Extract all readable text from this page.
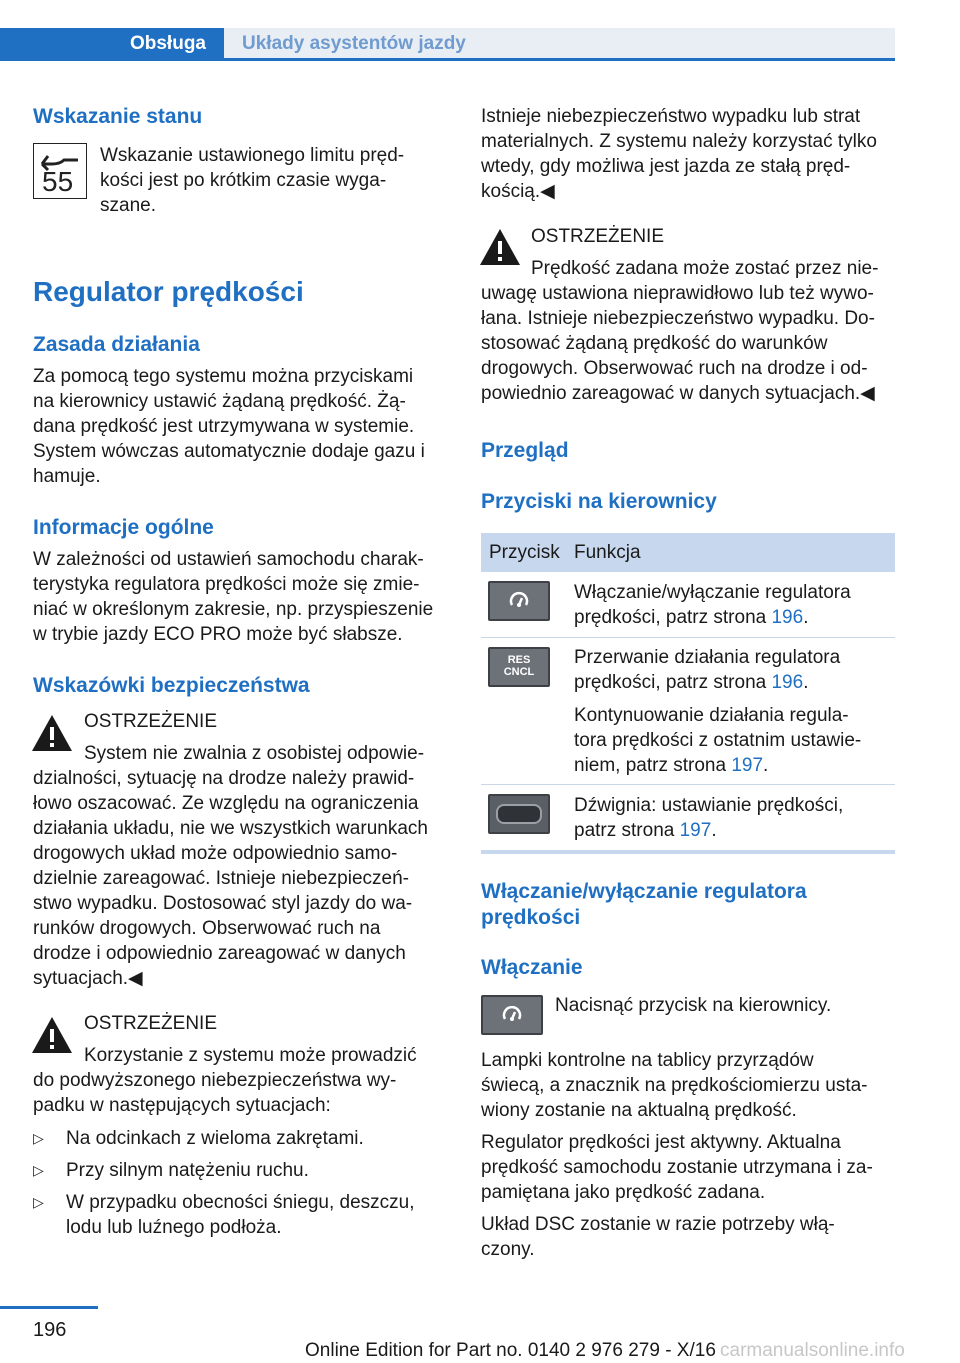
Obsługa	Układy asystentów jazdy
Wskazanie stanu
55

Wskazanie ustawionego limitu pręd-

kości jest po krótkim czasie wyga-

szane.

Regulator prędkości
Zasada działania

Za pomocą tego systemu można przyciskami

na kierownicy ustawić żądaną prędkość. Żą-

dana prędkość jest utrzymywana w systemie.

System wówczas automatycznie dodaje gazu i

hamuje.

Informacje ogólne

W zależności od ustawień samochodu charak-

terystyka regulatora prędkości może się zmie-

niać w określonym zakresie, np. przyspieszenie

w trybie jazdy ECO PRO może być słabsze.

Wskazówki bezpieczeństwa

OSTRZEŻENIE

System nie zwalnia z osobistej odpowie-

dzialności, sytuację na drodze należy prawid-

łowo oszacować. Ze względu na ograniczenia

działania układu, nie we wszystkich warunkach

drogowych układ może odpowiednio samo-

dzielnie zareagować. Istnieje niebezpieczeń-

stwo wypadku. Dostosować styl jazdy do wa-

runków drogowych. Obserwować ruch na

drodze i odpowiednio zareagować w danych

sytuacjach.◀

OSTRZEŻENIE

Korzystanie z systemu może prowadzić

do podwyższonego niebezpieczeństwa wy-

padku w następujących sytuacjach:

▷ Na odcinkach z wieloma zakrętami.

▷ Przy silnym natężeniu ruchu.

▷ W przypadku obecności śniegu, deszczu,

lodu lub luźnego podłoża.

Istnieje niebezpieczeństwo wypadku lub strat

materialnych. Z systemu należy korzystać tylko

wtedy, gdy możliwa jest jazda ze stałą pręd-

kością.◀

OSTRZEŻENIE

Prędkość zadana może zostać przez nie-

uwagę ustawiona nieprawidłowo lub też wywo-

łana. Istnieje niebezpieczeństwo wypadku. Do-

stosować żądaną prędkość do warunków

drogowych. Obserwować ruch na drodze i od-

powiednio zareagować w danych sytuacjach.◀

Przegląd
Przyciski na kierownicy
Przycisk Funkcja

Włączanie/wyłączanie regulatora

prędkości, patrz strona 196.

RES
CNCL

Przerwanie działania regulatora

prędkości, patrz strona 196.

Kontynuowanie działania regula-

tora prędkości z ostatnim ustawie-

niem, patrz strona 197.

Dźwignia: ustawianie prędkości,

patrz strona 197.

Włączanie/wyłączanie regulatora

prędkości

Włączanie
Nacisnąć przycisk na kierownicy.

Lampki kontrolne na tablicy przyrządów

świecą, a znacznik na prędkościomierzu usta-

wiony zostanie na aktualną prędkość.

Regulator prędkości jest aktywny. Aktualna

prędkość samochodu zostanie utrzymana i za-

pamiętana jako prędkość zadana.

Układ DSC zostanie w razie potrzeby włą-

czony.

196
Online Edition for Part no. 0140 2 976 279 - X/16 carmanualsonline.info
